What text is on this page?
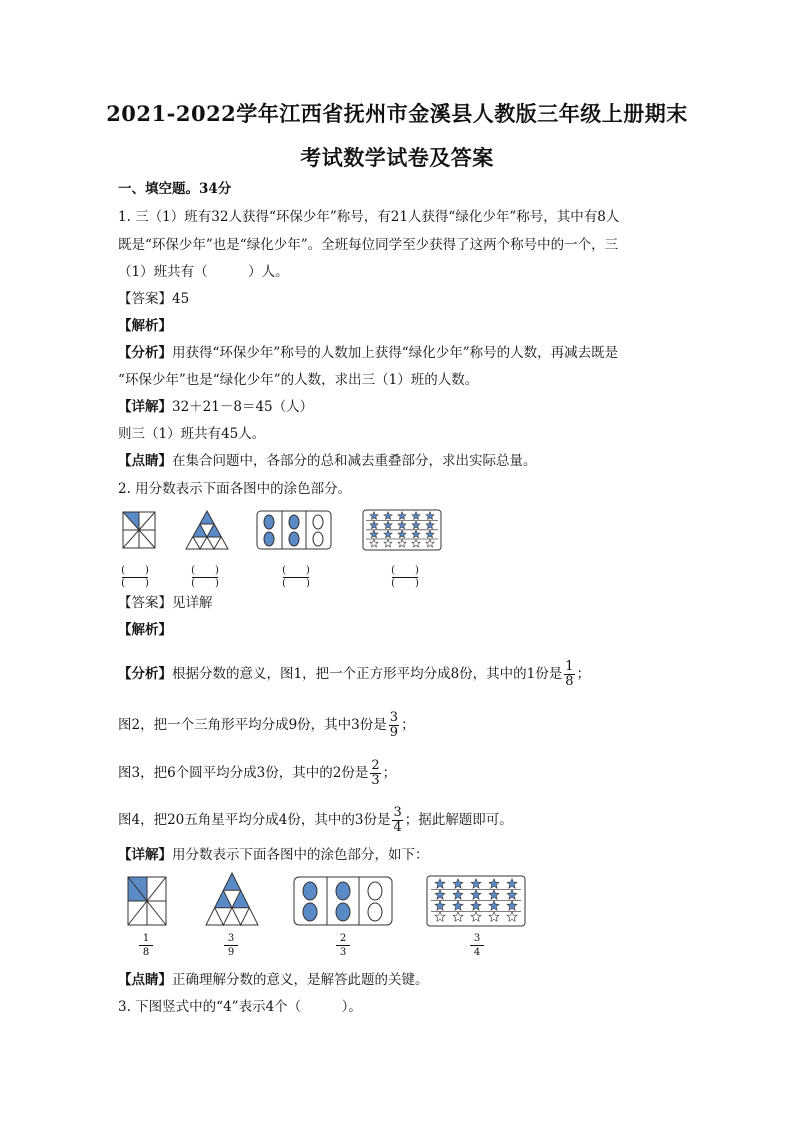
2021-2022学年江西省抚州市金溪县人教版三年级上册期末
考试数学试卷及答案
一、填空题。34分
1. 三（1）班有32人获得“环保少年”称号，有21人获得“绿化少年”称号，其中有8人
既是“环保少年”也是“绿化少年”。全班每位同学至少获得了这两个称号中的一个，三
（1）班共有（　　　）人。
【答案】45
【解析】
【分析】用获得“环保少年”称号的人数加上获得“绿化少年”称号的人数，再减去既是
“环保少年”也是“绿化少年”的人数，求出三（1）班的人数。
【详解】32＋21－8＝45（人）
则三（1）班共有45人。
【点睛】在集合问题中，各部分的总和减去重叠部分，求出实际总量。
2. 用分数表示下面各图中的涂色部分。
(　　)
(　　)
(　　)
(　　)
(　　)
(　　)
(　　)
(　　)
【答案】见详解
【解析】
【分析】根据分数的意义，图1，把一个正方形平均分成8份，其中的1份是 $\frac{1}{8}$ ；
图2，把一个三角形平均分成9份，其中3份是 $\frac{3}{9}$ ；
图3，把6个圆平均分成3份，其中的2份是 $\frac{2}{3}$ ；
图4，把20五角星平均分成4份，其中的3份是 $\frac{3}{4}$ ；据此解题即可。
【详解】用分数表示下面各图中的涂色部分，如下：
1
8
3
9
2
3
3
4
【点睛】正确理解分数的意义，是解答此题的关键。
3. 下图竖式中的“4”表示4个（　　　）。
